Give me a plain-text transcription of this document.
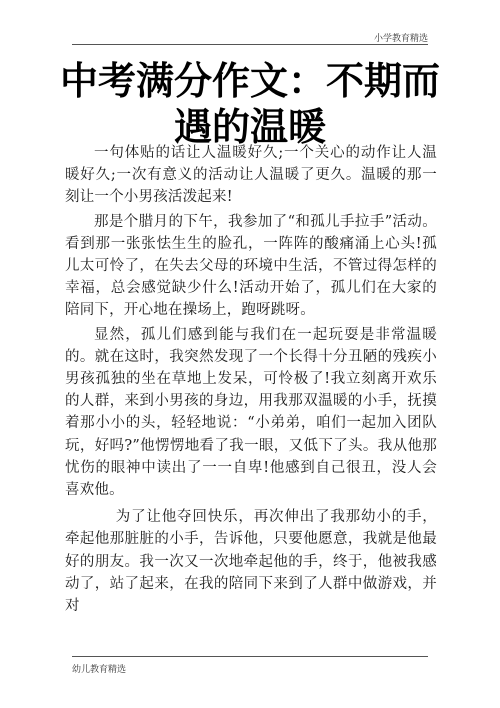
小学教育精选
中考满分作文：不期而遇的温暖

一句体贴的话让人温暖好久;一个关心的动作让人温暖好久;一次有意义的活动让人温暖了更久。温暖的那一刻让一个小男孩活泼起来!

那是个腊月的下午，我参加了“和孤儿手拉手”活动。看到那一张张怯生生的脸孔，一阵阵的酸痛涌上心头!孤儿太可怜了，在失去父母的环境中生活，不管过得怎样的幸福，总会感觉缺少什么!活动开始了，孤儿们在大家的陪同下，开心地在操场上，跑呀跳呀。

显然，孤儿们感到能与我们在一起玩耍是非常温暖的。就在这时，我突然发现了一个长得十分丑陋的残疾小男孩孤独的坐在草地上发呆，可怜极了!我立刻离开欢乐的人群，来到小男孩的身边，用我那双温暖的小手，抚摸着那小小的头，轻轻地说：“小弟弟，咱们一起加入团队玩，好吗?”他愣愣地看了我一眼，又低下了头。我从他那忧伤的眼神中读出了一一自卑!他感到自己很丑，没人会喜欢他。

为了让他夺回快乐，再次伸出了我那幼小的手，牵起他那脏脏的小手，告诉他，只要他愿意，我就是他最好的朋友。我一次又一次地牵起他的手，终于，他被我感动了，站了起来，在我的陪同下来到了人群中做游戏，并对

幼儿教育精选
